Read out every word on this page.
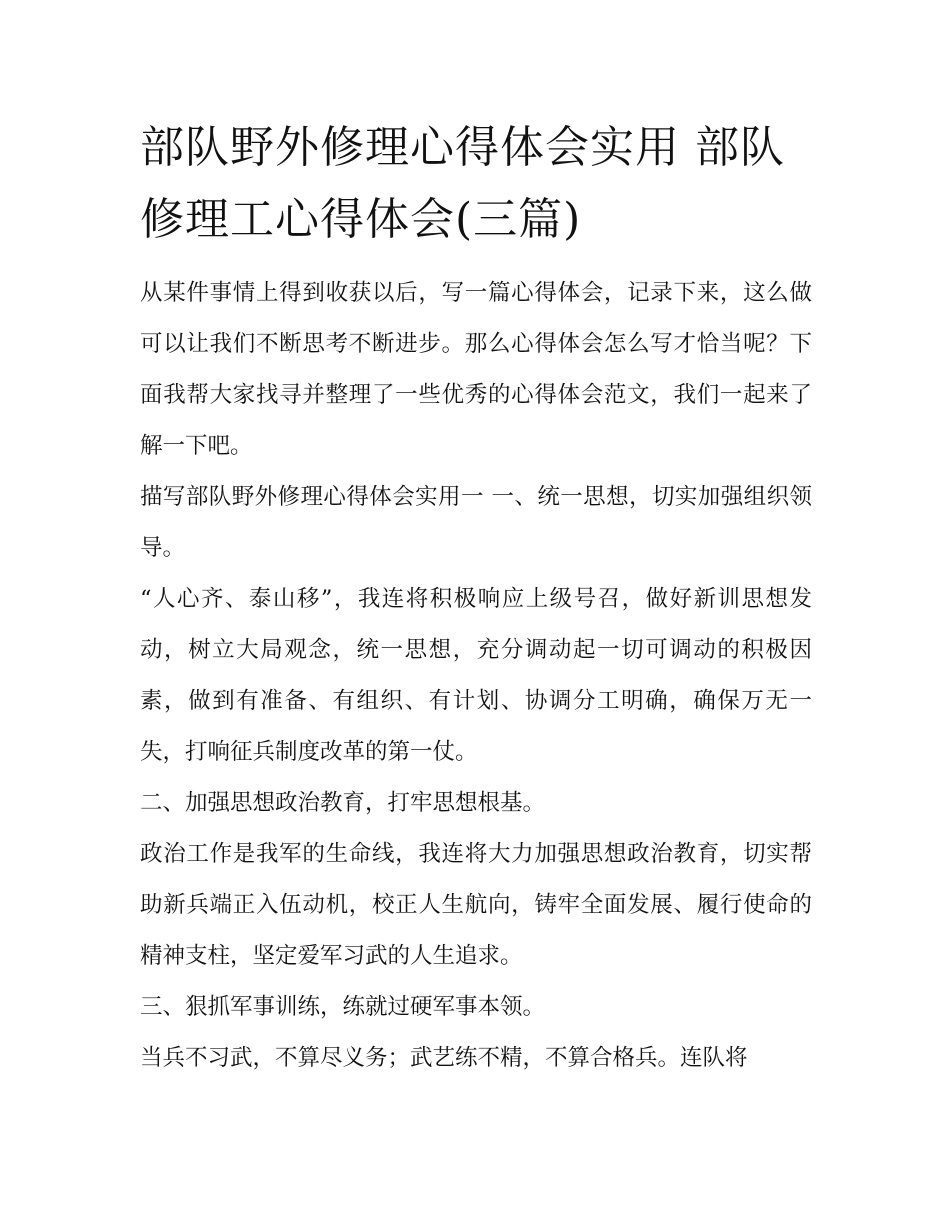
部队野外修理心得体会实用 部队修理工心得体会(三篇)

从某件事情上得到收获以后，写一篇心得体会，记录下来，这么做可以让我们不断思考不断进步。那么心得体会怎么写才恰当呢？下面我帮大家找寻并整理了一些优秀的心得体会范文，我们一起来了解一下吧。

描写部队野外修理心得体会实用一 一、统一思想，切实加强组织领导。

“人心齐、泰山移”，我连将积极响应上级号召，做好新训思想发动，树立大局观念，统一思想，充分调动起一切可调动的积极因素，做到有准备、有组织、有计划、协调分工明确，确保万无一失，打响征兵制度改革的第一仗。

二、加强思想政治教育，打牢思想根基。

政治工作是我军的生命线，我连将大力加强思想政治教育，切实帮助新兵端正入伍动机，校正人生航向，铸牢全面发展、履行使命的精神支柱，坚定爱军习武的人生追求。

三、狠抓军事训练，练就过硬军事本领。

当兵不习武，不算尽义务；武艺练不精，不算合格兵。连队将
